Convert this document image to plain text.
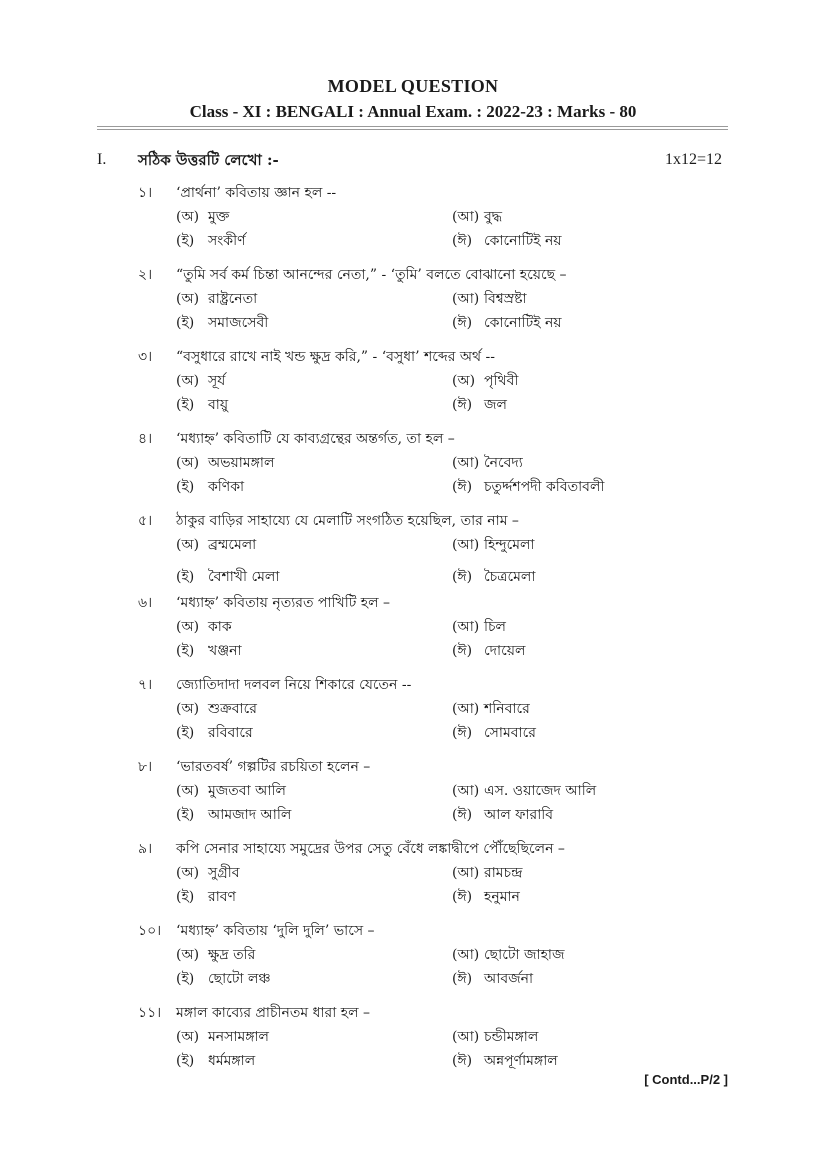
MODEL QUESTION
Class - XI : BENGALI : Annual Exam. : 2022-23 : Marks - 80
I. সঠিক উত্তরটি লেখো :-	1x12=12
১। ‘প্রার্থনা’ কবিতায় জ্ঞান হল --
(অ) মুক্ত	(আ) বুদ্ধ
(ই) সংকীর্ণ	(ঈ) কোনোটিই নয়
২। “তুমি সর্ব কর্ম চিন্তা আনন্দের নেতা,” - ‘তুমি’ বলতে বোঝানো হয়েছে –
(অ) রাষ্ট্রনেতা	(আ) বিশ্বস্রষ্টা
(ই) সমাজসেবী	(ঈ) কোনোটিই নয়
৩। “বসুধারে রাখে নাই খন্ড ক্ষুদ্র করি,” - ‘বসুধা’ শব্দের অর্থ --
(অ) সূর্য	(অ) পৃথিবী
(ই) বায়ু	(ঈ) জল
৪। ‘মধ্যাহ্ন’ কবিতাটি যে কাব্যগ্রন্থের অন্তর্গত, তা হল –
(অ) অভয়ামঙ্গাল	(আ) নৈবেদ্য
(ই) কণিকা	(ঈ) চতুর্দ্দশপদী কবিতাবলী
৫। ঠাকুর বাড়ির সাহায্যে যে মেলাটি সংগঠিত হয়েছিল, তার নাম –
(অ) ব্রম্মমেলা	(আ) হিন্দুমেলা
(ই) বৈশাখী মেলা	(ঈ) চৈত্রমেলা
৬। ‘মধ্যাহ্ন’ কবিতায় নৃত্যরত পাখিটি হল –
(অ) কাক	(আ) চিল
(ই) খঞ্জনা	(ঈ) দোয়েল
৭। জ্যোতিদাদা দলবল নিয়ে শিকারে যেতেন --
(অ) শুক্রবারে	(আ) শনিবারে
(ই) রবিবারে	(ঈ) সোমবারে
৮। ‘ভারতবর্ষ’ গল্পটির রচয়িতা হলেন –
(অ) মুজতবা আলি	(আ) এস. ওয়াজেদ আলি
(ই) আমজাদ আলি	(ঈ) আল ফারাবি
৯। কপি সেনার সাহায্যে সমুদ্রের উপর সেতু বেঁধে লঙ্কাদ্বীপে পৌঁছেছিলেন –
(অ) সুগ্রীব	(আ) রামচন্দ্র
(ই) রাবণ	(ঈ) হনুমান
১০। ‘মধ্যাহ্ন’ কবিতায় ‘দুলি দুলি’ ভাসে –
(অ) ক্ষুদ্র তরি	(আ) ছোটো জাহাজ
(ই) ছোটো লঞ্চ	(ঈ) আবর্জনা
১১। মঙ্গাল কাব্যের প্রাচীনতম ধারা হল –
(অ) মনসামঙ্গাল	(আ) চন্ডীমঙ্গাল
(ই) ধর্মমঙ্গাল	(ঈ) অন্নপূর্ণামঙ্গাল
[ Contd...P/2 ]
